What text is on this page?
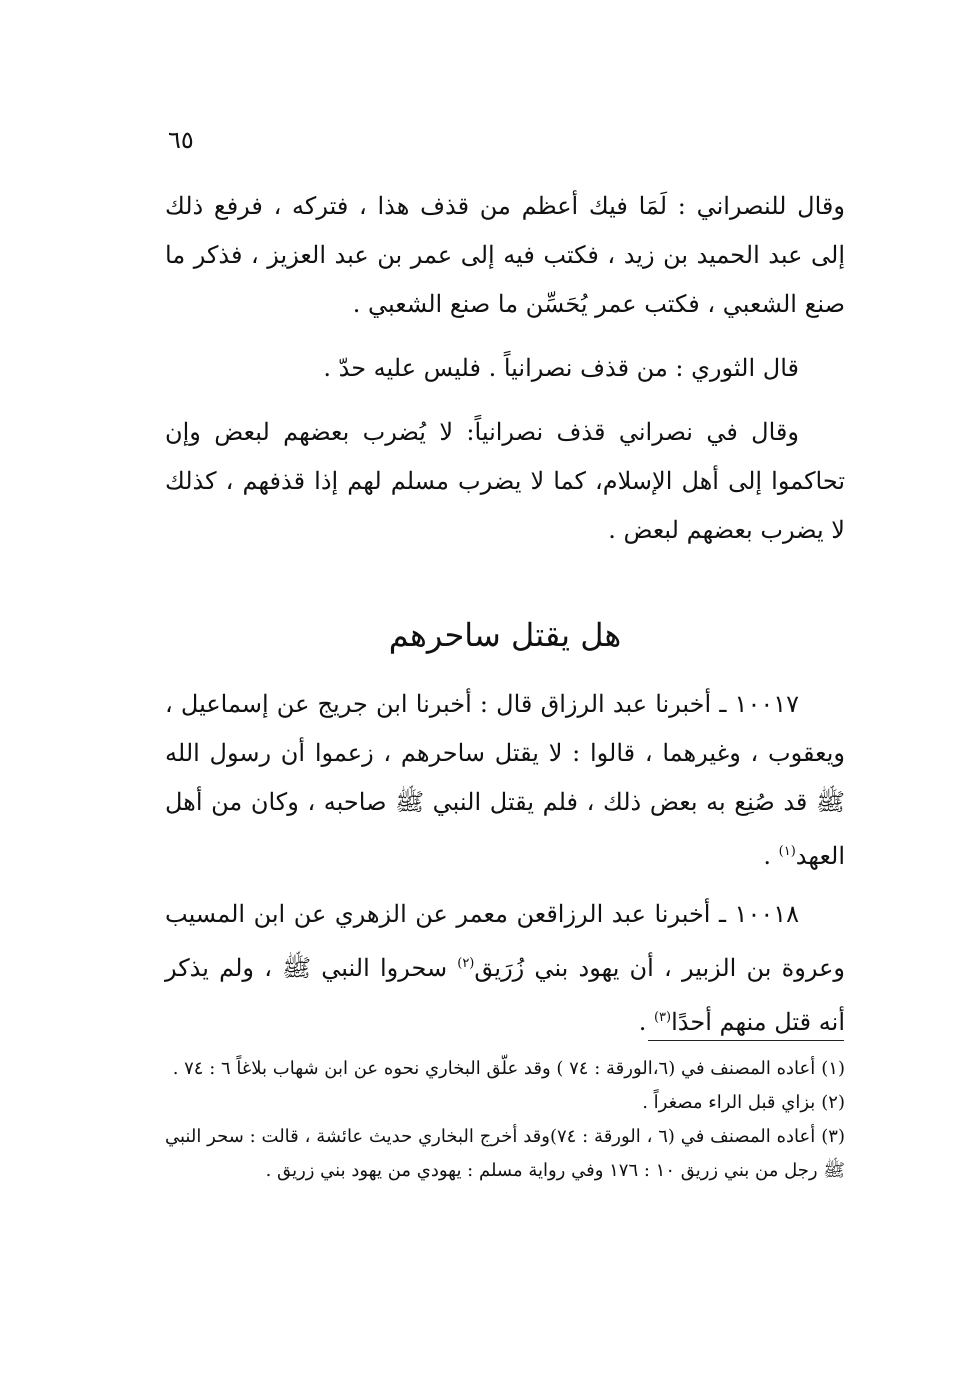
٦٥

وقال للنصراني : لَمَا فيك أعظم من قذف هذا ، فتركه ، فرفع ذلك إلى عبد الحميد بن زيد ، فكتب فيه إلى عمر بن عبد العزيز ، فذكر ما صنع الشعبي ، فكتب عمر يُحَسِّن ما صنع الشعبي .

قال الثوري : من قذف نصرانياً . فليس عليه حدّ .

وقال في نصراني قذف نصرانياً: لا يُضرب بعضهم لبعض وإن تحاكموا إلى أهل الإسلام، كما لا يضرب مسلم لهم إذا قذفهم ، كذلك لا يضرب بعضهم لبعض .

هل يقتل ساحرهم

١٠٠١٧ ـ أخبرنا عبد الرزاق قال : أخبرنا ابن جريج عن إسماعيل ، ويعقوب ، وغيرهما ، قالوا : لا يقتل ساحرهم ، زعموا أن رسول الله ﷺ قد صُنِع به بعض ذلك ، فلم يقتل النبي ﷺ صاحبه ، وكان من أهل العهد$^{(١)}$ .

١٠٠١٨ ـ أخبرنا عبد الرزاقعن معمر عن الزهري عن ابن المسيب وعروة بن الزبير ، أن يهود بني زُرَيق$^{(٢)}$ سحروا النبي ﷺ ، ولم يذكر أنه قتل منهم أحدًا$^{(٣)}$ .

(١)أعاده المصنف في (٦،الورقة : ٧٤ ) وقد علّق البخاري نحوه عن ابن شهاب بلاغاً ٦ : ٧٤ .

(٢)بزاي قبل الراء مصغراً .

(٣)أعاده المصنف في (٦ ، الورقة : ٧٤)وقد أخرج البخاري حديث عائشة ، قالت : سحر النبي ﷺ رجل من بني زريق ١٠ : ١٧٦ وفي رواية مسلم : يهودي من يهود بني زريق .
